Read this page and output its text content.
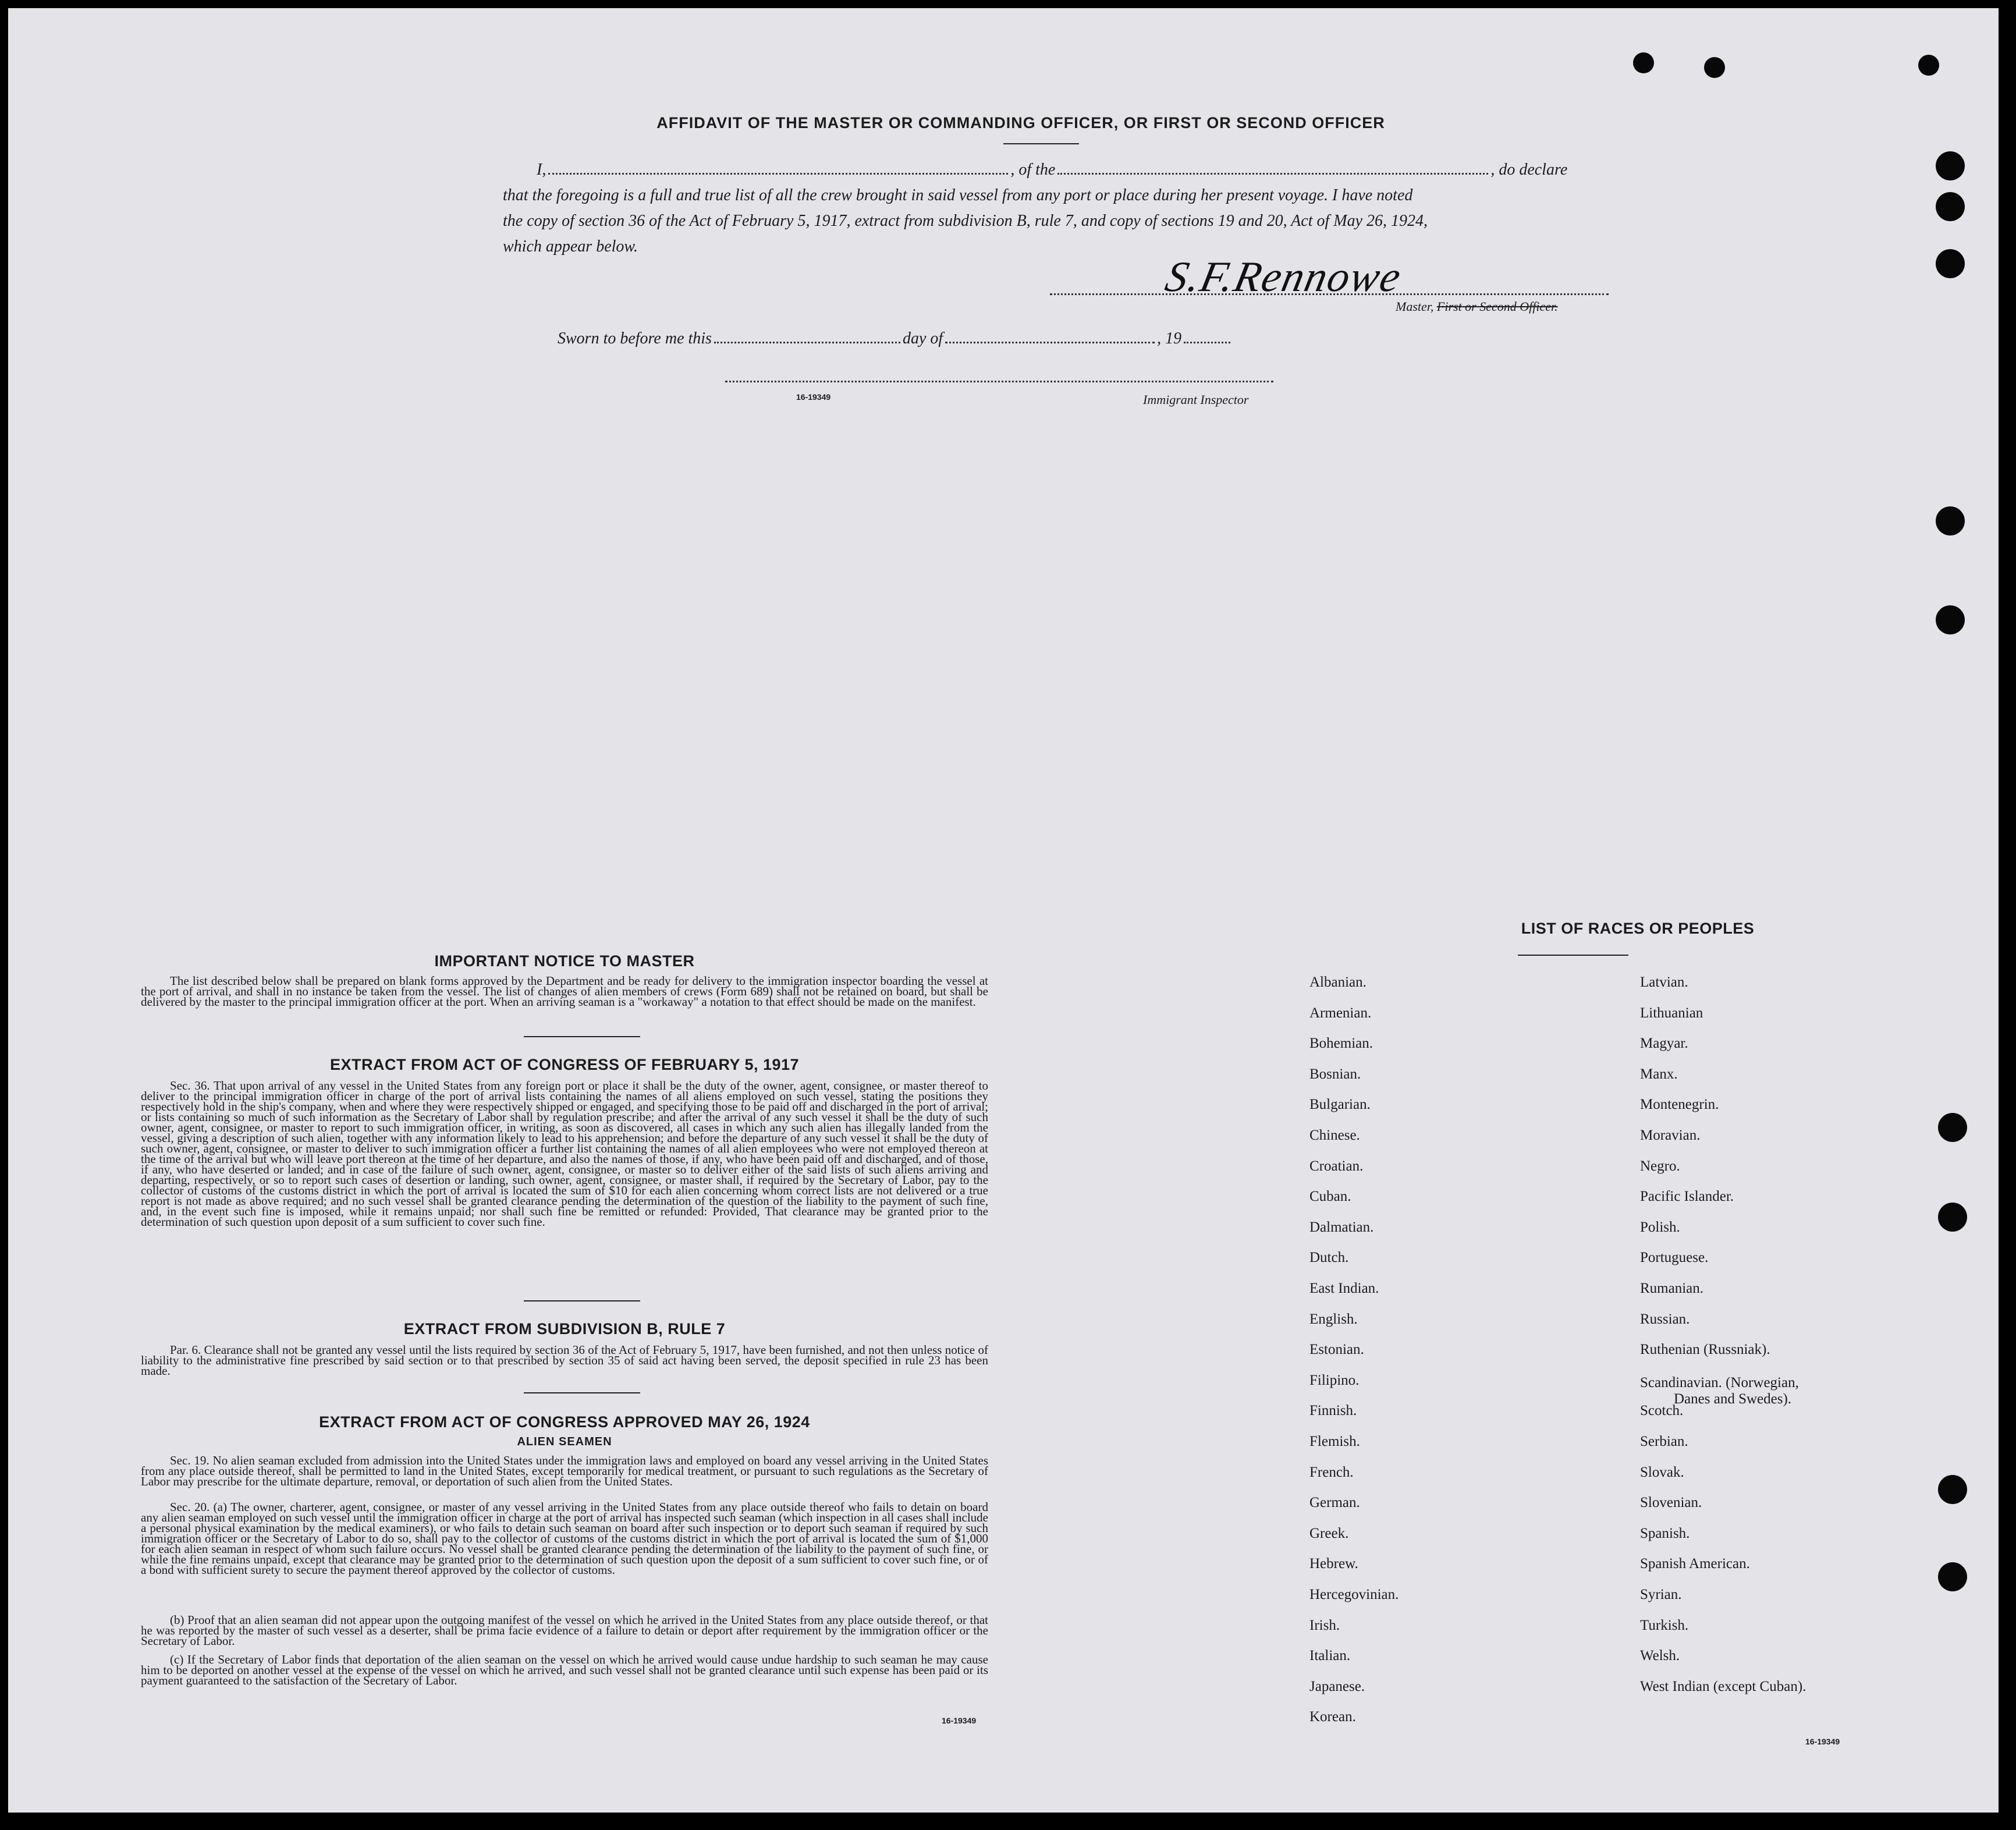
AFFIDAVIT OF THE MASTER OR COMMANDING OFFICER, OR FIRST OR SECOND OFFICER
I,	, of the	, do declare
that the foregoing is a full and true list of all the crew brought in said vessel from any port or place during her present voyage. I have noted
the copy of section 36 of the Act of February 5, 1917, extract from subdivision B, rule 7, and copy of sections 19 and 20, Act of May 26, 1924,
which appear below.
S.F.Rennowe
Master, First or Second Officer.
Sworn to before me this	day of	, 19
16-19349	Immigrant Inspector
IMPORTANT NOTICE TO MASTER

The list described below shall be prepared on blank forms approved by the Department and be ready for delivery to the immigration inspector boarding the vessel at the port of arrival, and shall in no instance be taken from the vessel. The list of changes of alien members of crews (Form 689) shall not be retained on board, but shall be delivered by the master to the principal immigration officer at the port. When an arriving seaman is a "workaway" a notation to that effect should be made on the manifest.

EXTRACT FROM ACT OF CONGRESS OF FEBRUARY 5, 1917

Sec. 36. That upon arrival of any vessel in the United States from any foreign port or place it shall be the duty of the owner, agent, consignee, or master thereof to deliver to the principal immigration officer in charge of the port of arrival lists containing the names of all aliens employed on such vessel, stating the positions they respectively hold in the ship's company, when and where they were respectively shipped or engaged, and specifying those to be paid off and discharged in the port of arrival; or lists containing so much of such information as the Secretary of Labor shall by regulation prescribe; and after the arrival of any such vessel it shall be the duty of such owner, agent, consignee, or master to report to such immigration officer, in writing, as soon as discovered, all cases in which any such alien has illegally landed from the vessel, giving a description of such alien, together with any information likely to lead to his apprehension; and before the departure of any such vessel it shall be the duty of such owner, agent, consignee, or master to deliver to such immigration officer a further list containing the names of all alien employees who were not employed thereon at the time of the arrival but who will leave port thereon at the time of her departure, and also the names of those, if any, who have been paid off and discharged, and of those, if any, who have deserted or landed; and in case of the failure of such owner, agent, consignee, or master so to deliver either of the said lists of such aliens arriving and departing, respectively, or so to report such cases of desertion or landing, such owner, agent, consignee, or master shall, if required by the Secretary of Labor, pay to the collector of customs of the customs district in which the port of arrival is located the sum of $10 for each alien concerning whom correct lists are not delivered or a true report is not made as above required; and no such vessel shall be granted clearance pending the determination of the question of the liability to the payment of such fine, and, in the event such fine is imposed, while it remains unpaid; nor shall such fine be remitted or refunded: Provided, That clearance may be granted prior to the determination of such question upon deposit of a sum sufficient to cover such fine.

EXTRACT FROM SUBDIVISION B, RULE 7

Par. 6. Clearance shall not be granted any vessel until the lists required by section 36 of the Act of February 5, 1917, have been furnished, and not then unless notice of liability to the administrative fine prescribed by said section or to that prescribed by section 35 of said act having been served, the deposit specified in rule 23 has been made.

EXTRACT FROM ACT OF CONGRESS APPROVED MAY 26, 1924
ALIEN SEAMEN

Sec. 19. No alien seaman excluded from admission into the United States under the immigration laws and employed on board any vessel arriving in the United States from any place outside thereof, shall be permitted to land in the United States, except temporarily for medical treatment, or pursuant to such regulations as the Secretary of Labor may prescribe for the ultimate departure, removal, or deportation of such alien from the United States.

Sec. 20. (a) The owner, charterer, agent, consignee, or master of any vessel arriving in the United States from any place outside thereof who fails to detain on board any alien seaman employed on such vessel until the immigration officer in charge at the port of arrival has inspected such seaman (which inspection in all cases shall include a personal physical examination by the medical examiners), or who fails to detain such seaman on board after such inspection or to deport such seaman if required by such immigration officer or the Secretary of Labor to do so, shall pay to the collector of customs of the customs district in which the port of arrival is located the sum of $1,000 for each alien seaman in respect of whom such failure occurs. No vessel shall be granted clearance pending the determination of the liability to the payment of such fine, or while the fine remains unpaid, except that clearance may be granted prior to the determination of such question upon the deposit of a sum sufficient to cover such fine, or of a bond with sufficient surety to secure the payment thereof approved by the collector of customs.

(b) Proof that an alien seaman did not appear upon the outgoing manifest of the vessel on which he arrived in the United States from any place outside thereof, or that he was reported by the master of such vessel as a deserter, shall be prima facie evidence of a failure to detain or deport after requirement by the immigration officer or the Secretary of Labor.

(c) If the Secretary of Labor finds that deportation of the alien seaman on the vessel on which he arrived would cause undue hardship to such seaman he may cause him to be deported on another vessel at the expense of the vessel on which he arrived, and such vessel shall not be granted clearance until such expense has been paid or its payment guaranteed to the satisfaction of the Secretary of Labor.

16-19349
LIST OF RACES OR PEOPLES
Danes and Swedes).
16-19349
Albanian.
Armenian.
Bohemian.
Bosnian.
Bulgarian.
Chinese.
Croatian.
Cuban.
Dalmatian.
Dutch.
East Indian.
English.
Estonian.
Filipino.
Finnish.
Flemish.
French.
German.
Greek.
Hebrew.
Hercegovinian.
Irish.
Italian.
Japanese.
Korean.
Latvian.
Lithuanian
Magyar.
Manx.
Montenegrin.
Moravian.
Negro.
Pacific Islander.
Polish.
Portuguese.
Rumanian.
Russian.
Ruthenian (Russniak).
Scandinavian. (Norwegian,
Scotch.
Serbian.
Slovak.
Slovenian.
Spanish.
Spanish American.
Syrian.
Turkish.
Welsh.
West Indian (except Cuban).
